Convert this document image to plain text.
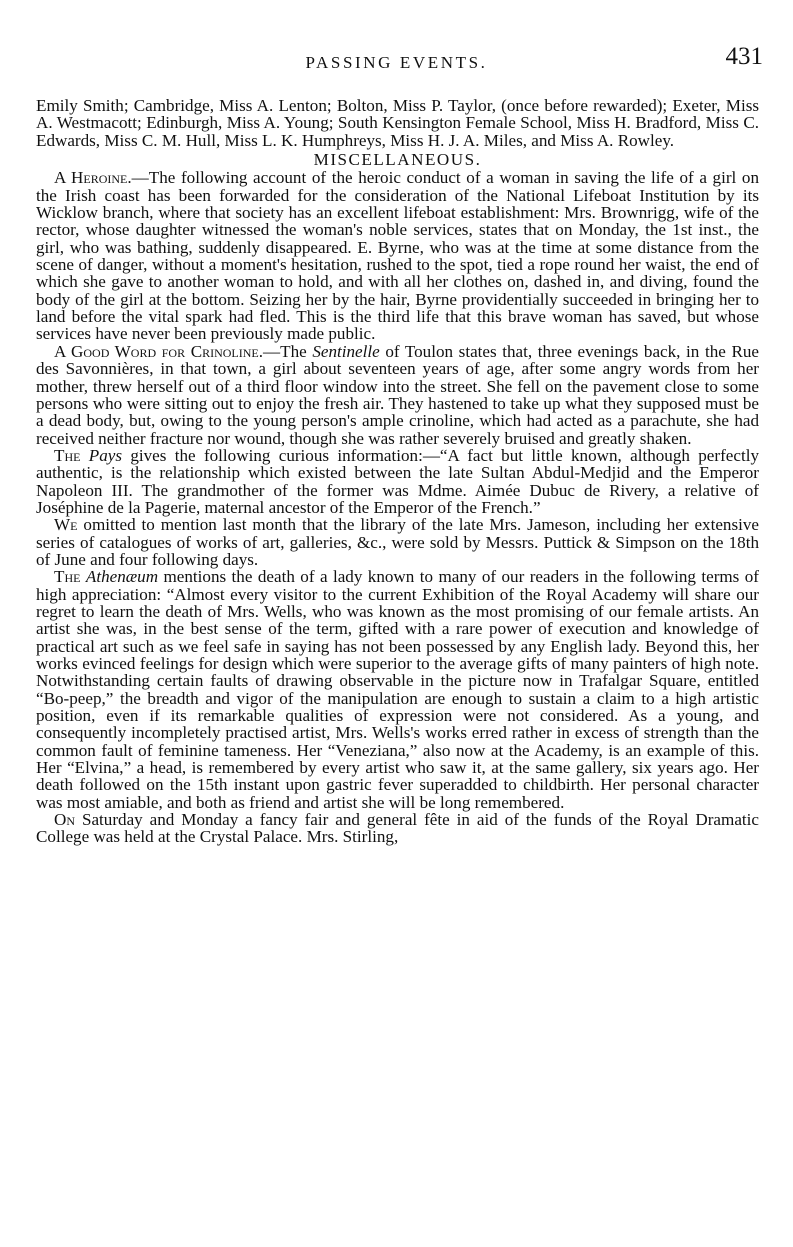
PASSING EVENTS.	431

Emily Smith; Cambridge, Miss A. Lenton; Bolton, Miss P. Taylor, (once before rewarded); Exeter, Miss A. Westmacott; Edinburgh, Miss A. Young; South Kensington Female School, Miss H. Bradford, Miss C. Edwards, Miss C. M. Hull, Miss L. K. Humphreys, Miss H. J. A. Miles, and Miss A. Rowley.

MISCELLANEOUS.

A Heroine.—The following account of the heroic conduct of a woman in saving the life of a girl on the Irish coast has been forwarded for the consideration of the National Lifeboat Institution by its Wicklow branch, where that society has an excellent lifeboat establishment: Mrs. Brownrigg, wife of the rector, whose daughter witnessed the woman's noble services, states that on Monday, the 1st inst., the girl, who was bathing, suddenly disappeared. E. Byrne, who was at the time at some distance from the scene of danger, without a moment's hesitation, rushed to the spot, tied a rope round her waist, the end of which she gave to another woman to hold, and with all her clothes on, dashed in, and diving, found the body of the girl at the bottom. Seizing her by the hair, Byrne providentially succeeded in bringing her to land before the vital spark had fled. This is the third life that this brave woman has saved, but whose services have never been previously made public.

A Good Word for Crinoline.—The Sentinelle of Toulon states that, three evenings back, in the Rue des Savonnières, in that town, a girl about seventeen years of age, after some angry words from her mother, threw herself out of a third floor window into the street. She fell on the pavement close to some persons who were sitting out to enjoy the fresh air. They hastened to take up what they supposed must be a dead body, but, owing to the young person's ample crinoline, which had acted as a parachute, she had received neither fracture nor wound, though she was rather severely bruised and greatly shaken.

The Pays gives the following curious information:—“A fact but little known, although perfectly authentic, is the relationship which existed between the late Sultan Abdul-Medjid and the Emperor Napoleon III. The grandmother of the former was Mdme. Aimée Dubuc de Rivery, a relative of Joséphine de la Pagerie, maternal ancestor of the Emperor of the French.”

We omitted to mention last month that the library of the late Mrs. Jameson, including her extensive series of catalogues of works of art, galleries, &c., were sold by Messrs. Puttick & Simpson on the 18th of June and four following days.

The Athenæum mentions the death of a lady known to many of our readers in the following terms of high appreciation: “Almost every visitor to the current Exhibition of the Royal Academy will share our regret to learn the death of Mrs. Wells, who was known as the most promising of our female artists. An artist she was, in the best sense of the term, gifted with a rare power of execution and knowledge of practical art such as we feel safe in saying has not been possessed by any English lady. Beyond this, her works evinced feelings for design which were superior to the average gifts of many painters of high note. Notwithstanding certain faults of drawing observable in the picture now in Trafalgar Square, entitled “Bo-peep,” the breadth and vigor of the manipulation are enough to sustain a claim to a high artistic position, even if its remarkable qualities of expression were not considered. As a young, and consequently incompletely practised artist, Mrs. Wells's works erred rather in excess of strength than the common fault of feminine tameness. Her “Veneziana,” also now at the Academy, is an example of this. Her “Elvina,” a head, is remembered by every artist who saw it, at the same gallery, six years ago. Her death followed on the 15th instant upon gastric fever superadded to childbirth. Her personal character was most amiable, and both as friend and artist she will be long remembered.

On Saturday and Monday a fancy fair and general fête in aid of the funds of the Royal Dramatic College was held at the Crystal Palace. Mrs. Stirling,
